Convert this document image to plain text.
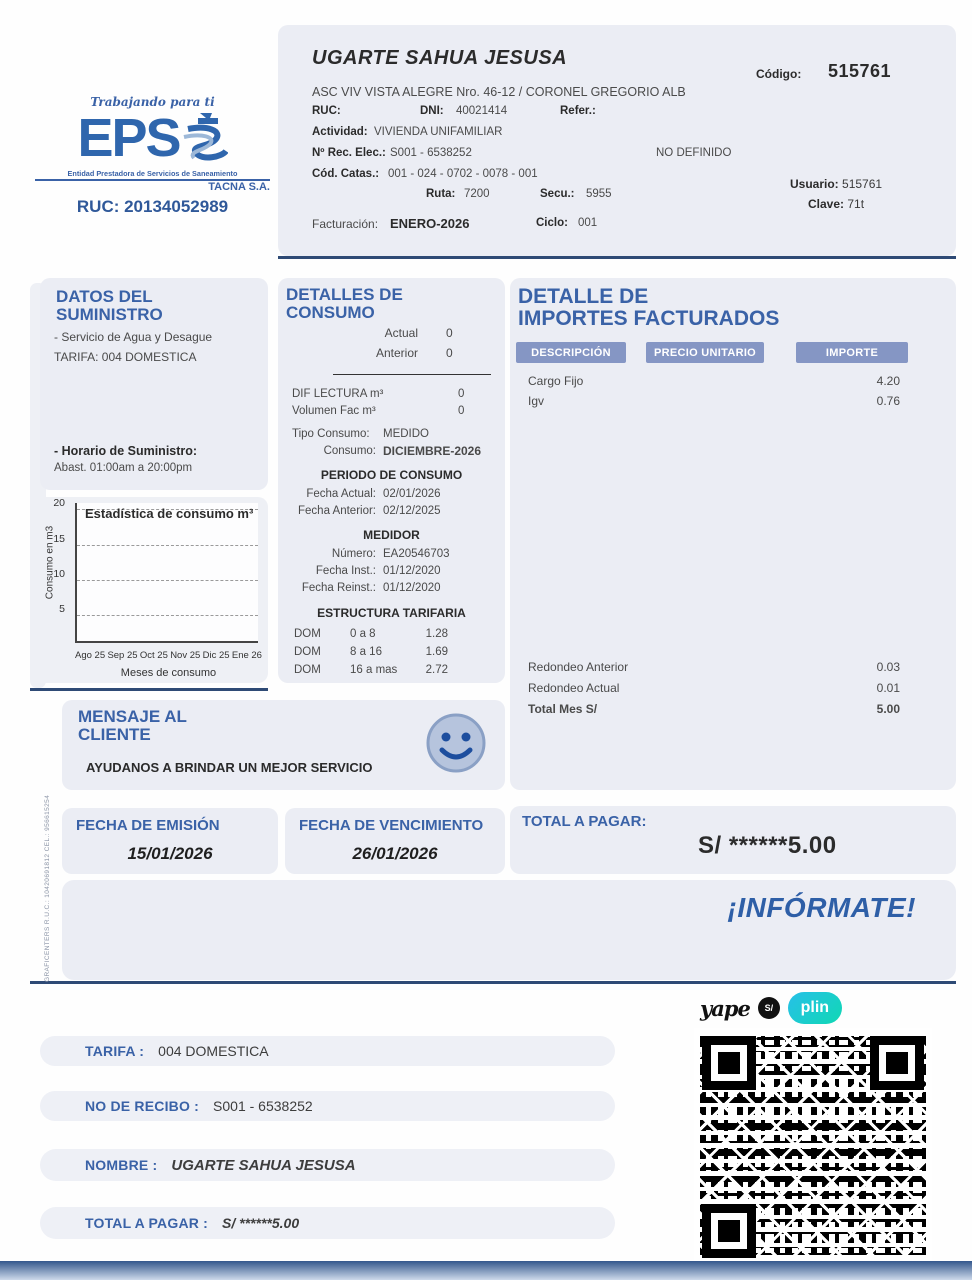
Trabajando para ti
EPS
Entidad Prestadora de Servicios de Saneamiento
TACNA S.A.
RUC: 20134052989
UGARTE SAHUA JESUSA
Código: 515761
ASC VIV VISTA ALEGRE Nro. 46-12 / CORONEL GREGORIO ALB
RUC:	DNI: 40021414	Refer.:
Actividad: VIVIENDA UNIFAMILIAR
Nº Rec. Elec.: S001 - 6538252	NO DEFINIDO
Cód. Catas.: 001 - 024 - 0702 - 0078 - 001
Ruta: 7200	Secu.: 5955
Usuario: 515761
Clave: 71t
Facturación: ENERO-2026	Ciclo: 001
DATOS DEL
SUMINISTRO
- Servicio de Agua y Desague
TARIFA: 004 DOMESTICA
- Horario de Suministro:
Abast. 01:00am a 20:00pm
20
15
10
5
Consumo en m3
Estadística de consumo m³
Ago 25 Sep 25 Oct 25 Nov 25 Dic 25 Ene 26
Meses de consumo
DETALLES DE
CONSUMO
Actual 0
Anterior 0
DIF LECTURA m³	0
Volumen Fac m³	0
Tipo Consumo: MEDIDO
Consumo: DICIEMBRE-2026
PERIODO DE CONSUMO
Fecha Actual: 02/01/2026
Fecha Anterior: 02/12/2025
MEDIDOR
Número: EA20546703
Fecha Inst.: 01/12/2020
Fecha Reinst.: 01/12/2020
ESTRUCTURA TARIFARIA
DOM	0 a 8	1.28
DOM	8 a 16	1.69
DOM	16 a mas	2.72
DETALLE DE
IMPORTES FACTURADOS
DESCRIPCIÓN	PRECIO UNITARIO	IMPORTE
Cargo Fijo	4.20
Igv	0.76
Redondeo Anterior	0.03
Redondeo Actual	0.01
Total Mes S/	5.00
MENSAJE AL
CLIENTE
AYUDANOS A BRINDAR UN MEJOR SERVICIO
FECHA DE EMISIÓN
15/01/2026
FECHA DE VENCIMIENTO
26/01/2026
TOTAL A PAGAR:
S/ ******5.00
¡INFÓRMATE!
GRAFICENTERS R.U.C.: 10420691812 CEL.: 956615254
yape	S/	plin
TARIFA : 004 DOMESTICA
NO DE RECIBO : S001 - 6538252
NOMBRE : UGARTE SAHUA JESUSA
TOTAL A PAGAR : S/ ******5.00
